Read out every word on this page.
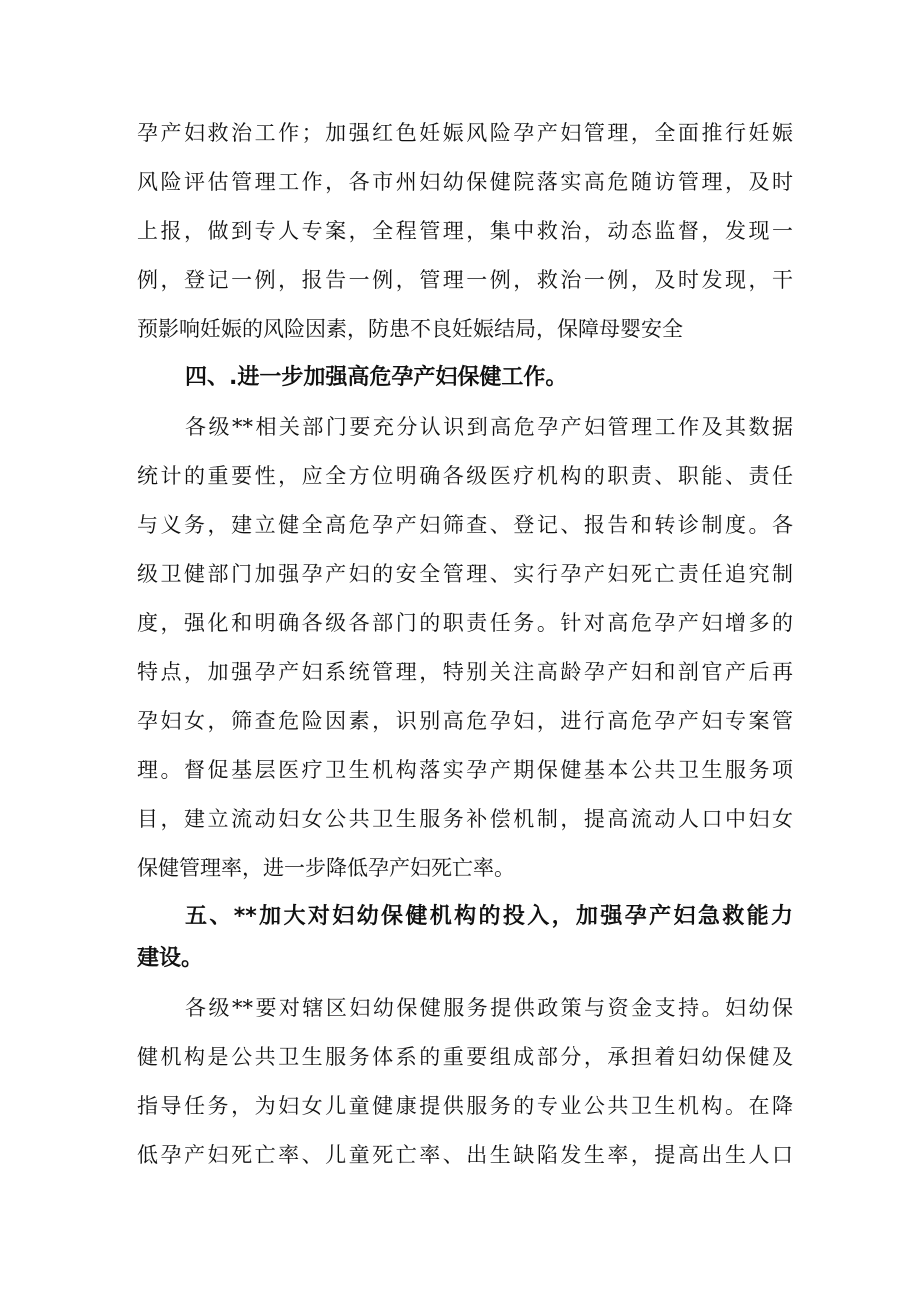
孕产妇救治工作；加强红色妊娠风险孕产妇管理，全面推行妊娠
风险评估管理工作，各市州妇幼保健院落实高危随访管理，及时
上报，做到专人专案，全程管理，集中救治，动态监督，发现一
例，登记一例，报告一例，管理一例，救治一例，及时发现，干
预影响妊娠的风险因素，防患不良妊娠结局，保障母婴安全
四、.进一步加强高危孕产妇保健工作。
各级**相关部门要充分认识到高危孕产妇管理工作及其数据
统计的重要性，应全方位明确各级医疗机构的职责、职能、责任
与义务，建立健全高危孕产妇筛查、登记、报告和转诊制度。各
级卫健部门加强孕产妇的安全管理、实行孕产妇死亡责任追究制
度，强化和明确各级各部门的职责任务。针对高危孕产妇增多的
特点，加强孕产妇系统管理，特别关注高龄孕产妇和剖官产后再
孕妇女，筛查危险因素，识别高危孕妇，进行高危孕产妇专案管
理。督促基层医疗卫生机构落实孕产期保健基本公共卫生服务项
目，建立流动妇女公共卫生服务补偿机制，提高流动人口中妇女
保健管理率，进一步降低孕产妇死亡率。
五、**加大对妇幼保健机构的投入，加强孕产妇急救能力
建设。
各级**要对辖区妇幼保健服务提供政策与资金支持。妇幼保
健机构是公共卫生服务体系的重要组成部分，承担着妇幼保健及
指导任务，为妇女儿童健康提供服务的专业公共卫生机构。在降
低孕产妇死亡率、儿童死亡率、出生缺陷发生率，提高出生人口
